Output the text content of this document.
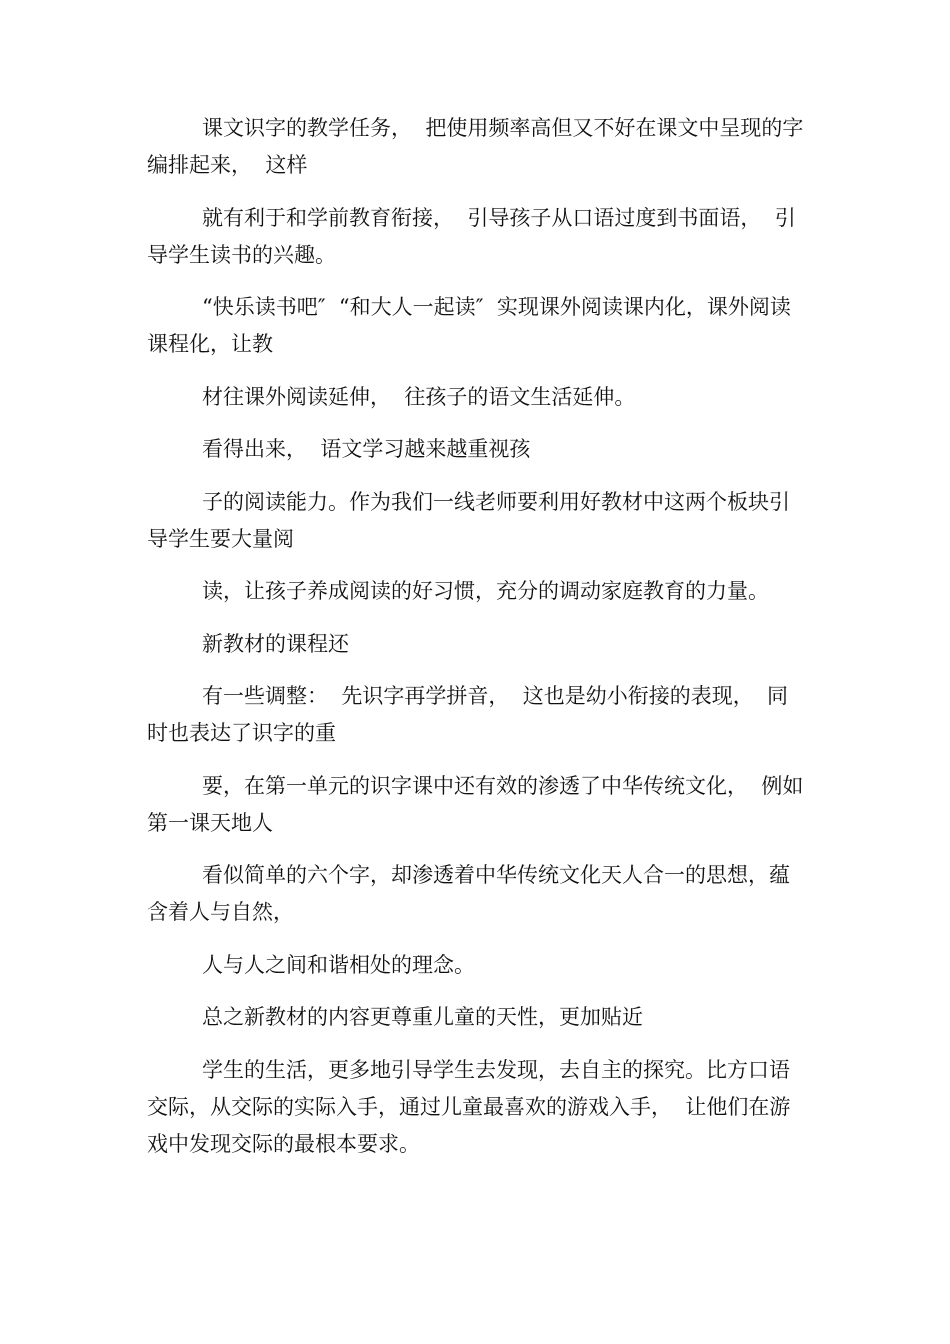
课文识字的教学任务，  把使用频率高但又不好在课文中呈现的字编排起来，  这样

就有利于和学前教育衔接，  引导孩子从口语过度到书面语，  引导学生读书的兴趣。

“快乐读书吧″  “和大人一起读″  实现课外阅读课内化，课外阅读课程化，让教

材往课外阅读延伸，  往孩子的语文生活延伸。

看得出来，  语文学习越来越重视孩

子的阅读能力。作为我们一线老师要利用好教材中这两个板块引导学生要大量阅

读，让孩子养成阅读的好习惯，充分的调动家庭教育的力量。

新教材的课程还

有一些调整：  先识字再学拼音，  这也是幼小衔接的表现，  同时也表达了识字的重

要，在第一单元的识字课中还有效的渗透了中华传统文化，  例如第一课天地人

看似简单的六个字，却渗透着中华传统文化天人合一的思想，蕴含着人与自然，

人与人之间和谐相处的理念。

总之新教材的内容更尊重儿童的天性，更加贴近

学生的生活，更多地引导学生去发现，去自主的探究。比方口语交际，从交际的实际入手，通过儿童最喜欢的游戏入手，  让他们在游戏中发现交际的最根本要求。
